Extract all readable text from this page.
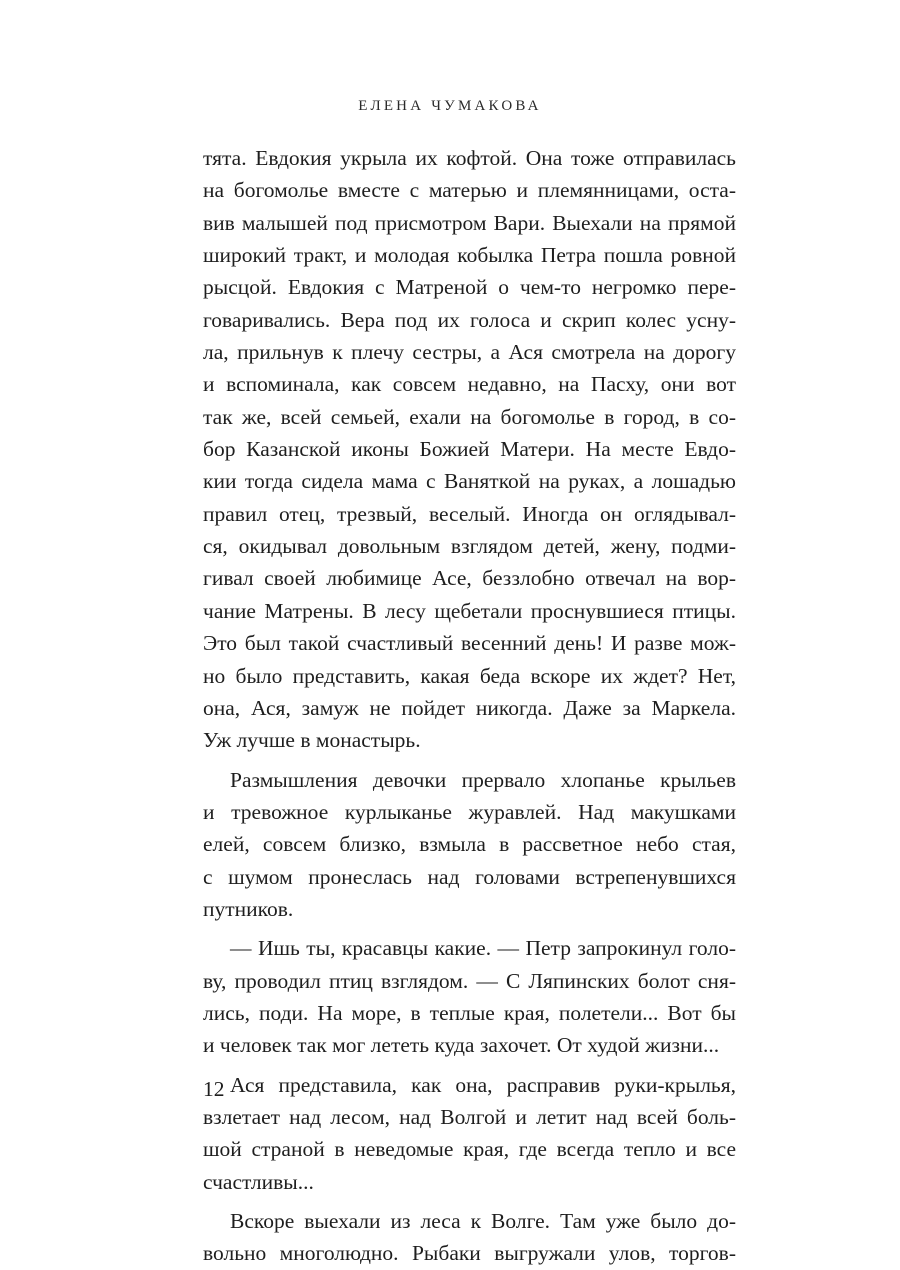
ЕЛЕНА ЧУМАКОВА
тята. Евдокия укрыла их кофтой. Она тоже отправилась
на богомолье вместе с матерью и племянницами, оста-
вив малышей под присмотром Вари. Выехали на прямой
широкий тракт, и молодая кобылка Петра пошла ровной
рысцой. Евдокия с Матреной о чем-то негромко пере-
говаривались. Вера под их голоса и скрип колес усну-
ла, прильнув к плечу сестры, а Ася смотрела на дорогу
и вспоминала, как совсем недавно, на Пасху, они вот
так же, всей семьей, ехали на богомолье в город, в со-
бор Казанской иконы Божией Матери. На месте Евдо-
кии тогда сидела мама с Ваняткой на руках, а лошадью
правил отец, трезвый, веселый. Иногда он оглядывал-
ся, окидывал довольным взглядом детей, жену, подми-
гивал своей любимице Асе, беззлобно отвечал на вор-
чание Матрены. В лесу щебетали проснувшиеся птицы.
Это был такой счастливый весенний день! И разве мож-
но было представить, какая беда вскоре их ждет? Нет,
она, Ася, замуж не пойдет никогда. Даже за Маркела.
Уж лучше в монастырь.
Размышления девочки прервало хлопанье крыльев
и тревожное курлыканье журавлей. Над макушками
елей, совсем близко, взмыла в рассветное небо стая,
с шумом пронеслась над головами встрепенувшихся
путников.
— Ишь ты, красавцы какие. — Петр запрокинул голо-
ву, проводил птиц взглядом. — С Ляпинских болот сня-
лись, поди. На море, в теплые края, полетели... Вот бы
и человек так мог лететь куда захочет. От худой жизни...
Ася представила, как она, расправив руки-крылья,
взлетает над лесом, над Волгой и летит над всей боль-
шой страной в неведомые края, где всегда тепло и все
счастливы...
Вскоре выехали из леса к Волге. Там уже было до-
вольно многолюдно. Рыбаки выгружали улов, торгов-
12
